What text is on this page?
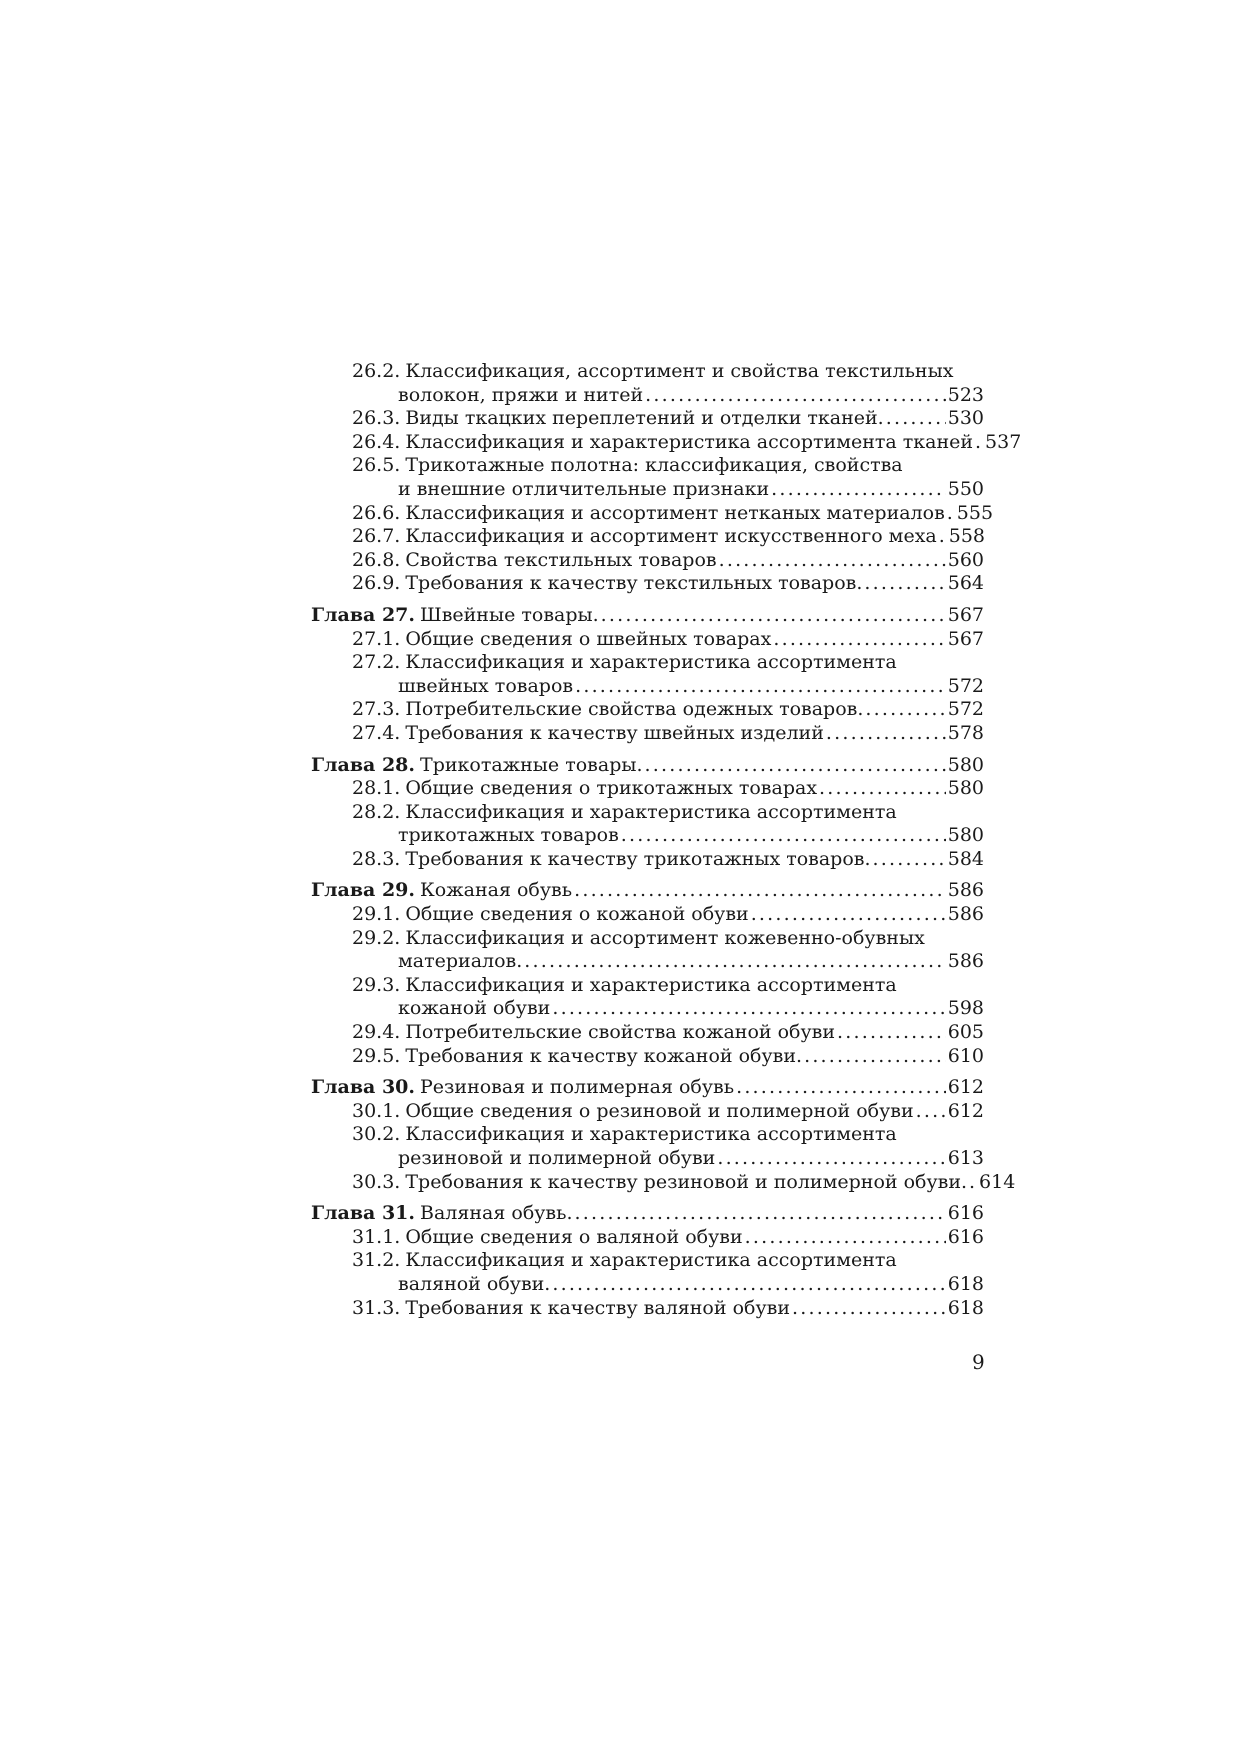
26.2. Классификация, ассортимент и свойства текстильных
волокон, пряжи и нитей .....	523
26.3. Виды ткацких переплетений и отделки тканей. .....	530
26.4. Классификация и характеристика ассортимента тканей ..... 537
26.5. Трикотажные полотна: классификация, свойства
и внешние отличительные признаки .....	550
26.6. Классификация и ассортимент нетканых материалов ..... 555
26.7. Классификация и ассортимент искусственного меха ..... 558
26.8. Свойства текстильных товаров .....	560
26.9. Требования к качеству текстильных товаров. .....	564
Глава 27. Швейные товары. .....	567
27.1. Общие сведения о швейных товарах .....	567
27.2. Классификация и характеристика ассортимента
швейных товаров .....	572
27.3. Потребительские свойства одежных товаров. .....	572
27.4. Требования к качеству швейных изделий .....	578
Глава 28. Трикотажные товары. .....	580
28.1. Общие сведения о трикотажных товарах .....	580
28.2. Классификация и характеристика ассортимента
трикотажных товаров .....	580
28.3. Требования к качеству трикотажных товаров. .....	584
Глава 29. Кожаная обувь .....	586
29.1. Общие сведения о кожаной обуви .....	586
29.2. Классификация и ассортимент кожевенно-обувных
материалов. .....	586
29.3. Классификация и характеристика ассортимента
кожаной обуви .....	598
29.4. Потребительские свойства кожаной обуви .....	605
29.5. Требования к качеству кожаной обуви. .....	610
Глава 30. Резиновая и полимерная обувь .....	612
30.1. Общие сведения о резиновой и полимерной обуви ..... 612
30.2. Классификация и характеристика ассортимента
резиновой и полимерной обуви .....	613
30.3. Требования к качеству резиновой и полимерной обуви. ..... 614
Глава 31. Валяная обувь. .....	616
31.1. Общие сведения о валяной обуви .....	616
31.2. Классификация и характеристика ассортимента
валяной обуви. .....	618
31.3. Требования к качеству валяной обуви .....	618
9
